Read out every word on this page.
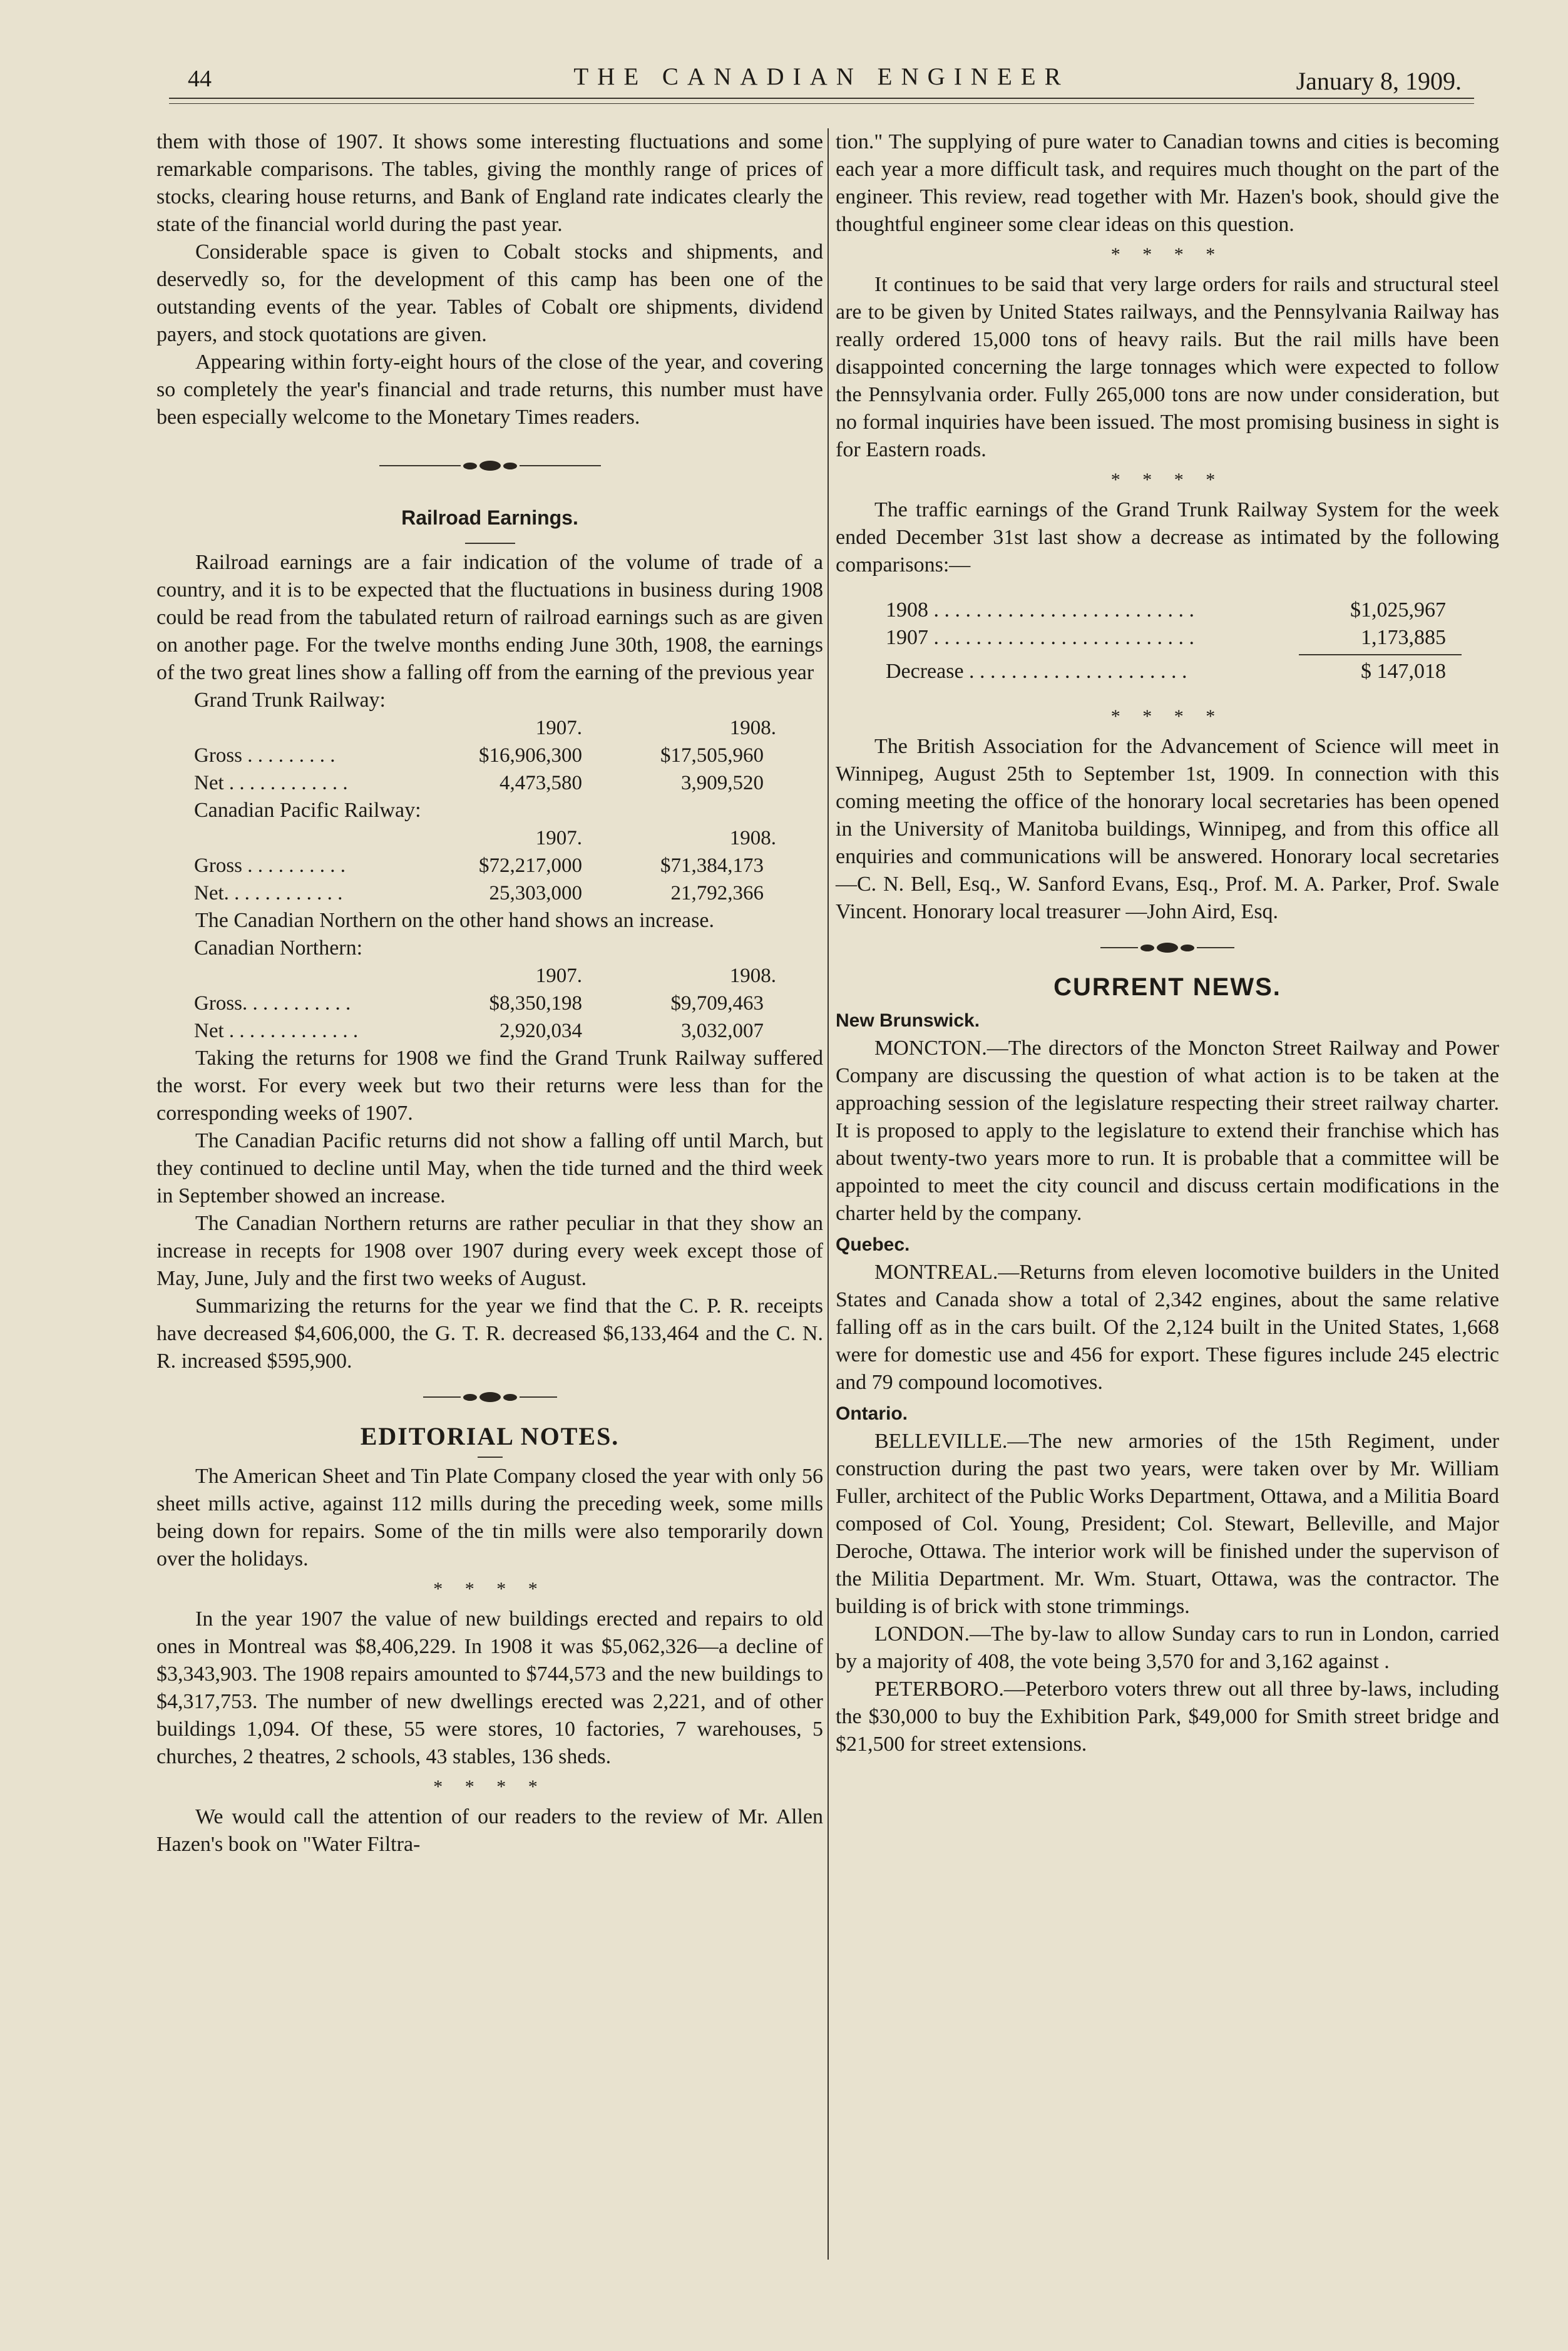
44	THE CANADIAN ENGINEER	January 8, 1909.

them with those of 1907. It shows some interesting fluctuations and some remarkable comparisons. The tables, giving the monthly range of prices of stocks, clearing house returns, and Bank of England rate indicates clearly the state of the financial world during the past year.

Considerable space is given to Cobalt stocks and shipments, and deservedly so, for the development of this camp has been one of the outstanding events of the year. Tables of Cobalt ore shipments, dividend payers, and stock quotations are given.

Appearing within forty-eight hours of the close of the year, and covering so completely the year's financial and trade returns, this number must have been especially welcome to the Monetary Times readers.

Railroad Earnings.

Railroad earnings are a fair indication of the volume of trade of a country, and it is to be expected that the fluctuations in business during 1908 could be read from the tabulated return of railroad earnings such as are given on another page. For the twelve months ending June 30th, 1908, the earnings of the two great lines show a falling off from the earning of the previous year

Grand Trunk Railway:
1907.	1908.
Gross . . . . . . . . .	$16,906,300	$17,505,960
Net . . . . . . . . . . . .	4,473,580	3,909,520
Canadian Pacific Railway:
1907.	1908.
Gross . . . . . . . . . .	$72,217,000	$71,384,173
Net. . . . . . . . . . . .	25,303,000	21,792,366

The Canadian Northern on the other hand shows an increase.

Canadian Northern:
1907.	1908.
Gross. . . . . . . . . . .	$8,350,198	$9,709,463
Net . . . . . . . . . . . . .	2,920,034	3,032,007

Taking the returns for 1908 we find the Grand Trunk Railway suffered the worst. For every week but two their returns were less than for the corresponding weeks of 1907.

The Canadian Pacific returns did not show a falling off until March, but they continued to decline until May, when the tide turned and the third week in September showed an increase.

The Canadian Northern returns are rather peculiar in that they show an increase in recepts for 1908 over 1907 during every week except those of May, June, July and the first two weeks of August.

Summarizing the returns for the year we find that the C. P. R. receipts have decreased $4,606,000, the G. T. R. decreased $6,133,464 and the C. N. R. increased $595,900.

EDITORIAL NOTES.

The American Sheet and Tin Plate Company closed the year with only 56 sheet mills active, against 112 mills during the preceding week, some mills being down for repairs. Some of the tin mills were also temporarily down over the holidays.

* * * *

In the year 1907 the value of new buildings erected and repairs to old ones in Montreal was $8,406,229. In 1908 it was $5,062,326—a decline of $3,343,903. The 1908 repairs amounted to $744,573 and the new buildings to $4,317,753. The number of new dwellings erected was 2,221, and of other buildings 1,094. Of these, 55 were stores, 10 factories, 7 warehouses, 5 churches, 2 theatres, 2 schools, 43 stables, 136 sheds.

* * * *

We would call the attention of our readers to the review of Mr. Allen Hazen's book on "Water Filtra-

tion." The supplying of pure water to Canadian towns and cities is becoming each year a more difficult task, and requires much thought on the part of the engineer. This review, read together with Mr. Hazen's book, should give the thoughtful engineer some clear ideas on this question.

* * * *

It continues to be said that very large orders for rails and structural steel are to be given by United States railways, and the Pennsylvania Railway has really ordered 15,000 tons of heavy rails. But the rail mills have been disappointed concerning the large tonnages which were expected to follow the Pennsylvania order. Fully 265,000 tons are now under consideration, but no formal inquiries have been issued. The most promising business in sight is for Eastern roads.

* * * *

The traffic earnings of the Grand Trunk Railway System for the week ended December 31st last show a decrease as intimated by the following comparisons:—

1908 . . . . . . . . . . . . . . . . . . . . . . . . .	$1,025,967
1907 . . . . . . . . . . . . . . . . . . . . . . . . .	1,173,885
Decrease . . . . . . . . . . . . . . . . . . . . .	$ 147,018
* * * *

The British Association for the Advancement of Science will meet in Winnipeg, August 25th to September 1st, 1909. In connection with this coming meeting the office of the honorary local secretaries has been opened in the University of Manitoba buildings, Winnipeg, and from this office all enquiries and communications will be answered. Honorary local secretaries—C. N. Bell, Esq., W. Sanford Evans, Esq., Prof. M. A. Parker, Prof. Swale Vincent. Honorary local treasurer —John Aird, Esq.

CURRENT NEWS.
New Brunswick.

MONCTON.—The directors of the Moncton Street Railway and Power Company are discussing the question of what action is to be taken at the approaching session of the legislature respecting their street railway charter. It is proposed to apply to the legislature to extend their franchise which has about twenty-two years more to run. It is probable that a committee will be appointed to meet the city council and discuss certain modifications in the charter held by the company.

Quebec.

MONTREAL.—Returns from eleven locomotive builders in the United States and Canada show a total of 2,342 engines, about the same relative falling off as in the cars built. Of the 2,124 built in the United States, 1,668 were for domestic use and 456 for export. These figures include 245 electric and 79 compound locomotives.

Ontario.

BELLEVILLE.—The new armories of the 15th Regiment, under construction during the past two years, were taken over by Mr. William Fuller, architect of the Public Works Department, Ottawa, and a Militia Board composed of Col. Young, President; Col. Stewart, Belleville, and Major Deroche, Ottawa. The interior work will be finished under the supervison of the Militia Department. Mr. Wm. Stuart, Ottawa, was the contractor. The building is of brick with stone trimmings.

LONDON.—The by-law to allow Sunday cars to run in London, carried by a majority of 408, the vote being 3,570 for and 3,162 against .

PETERBORO.—Peterboro voters threw out all three by-laws, including the $30,000 to buy the Exhibition Park, $49,000 for Smith street bridge and $21,500 for street extensions.
